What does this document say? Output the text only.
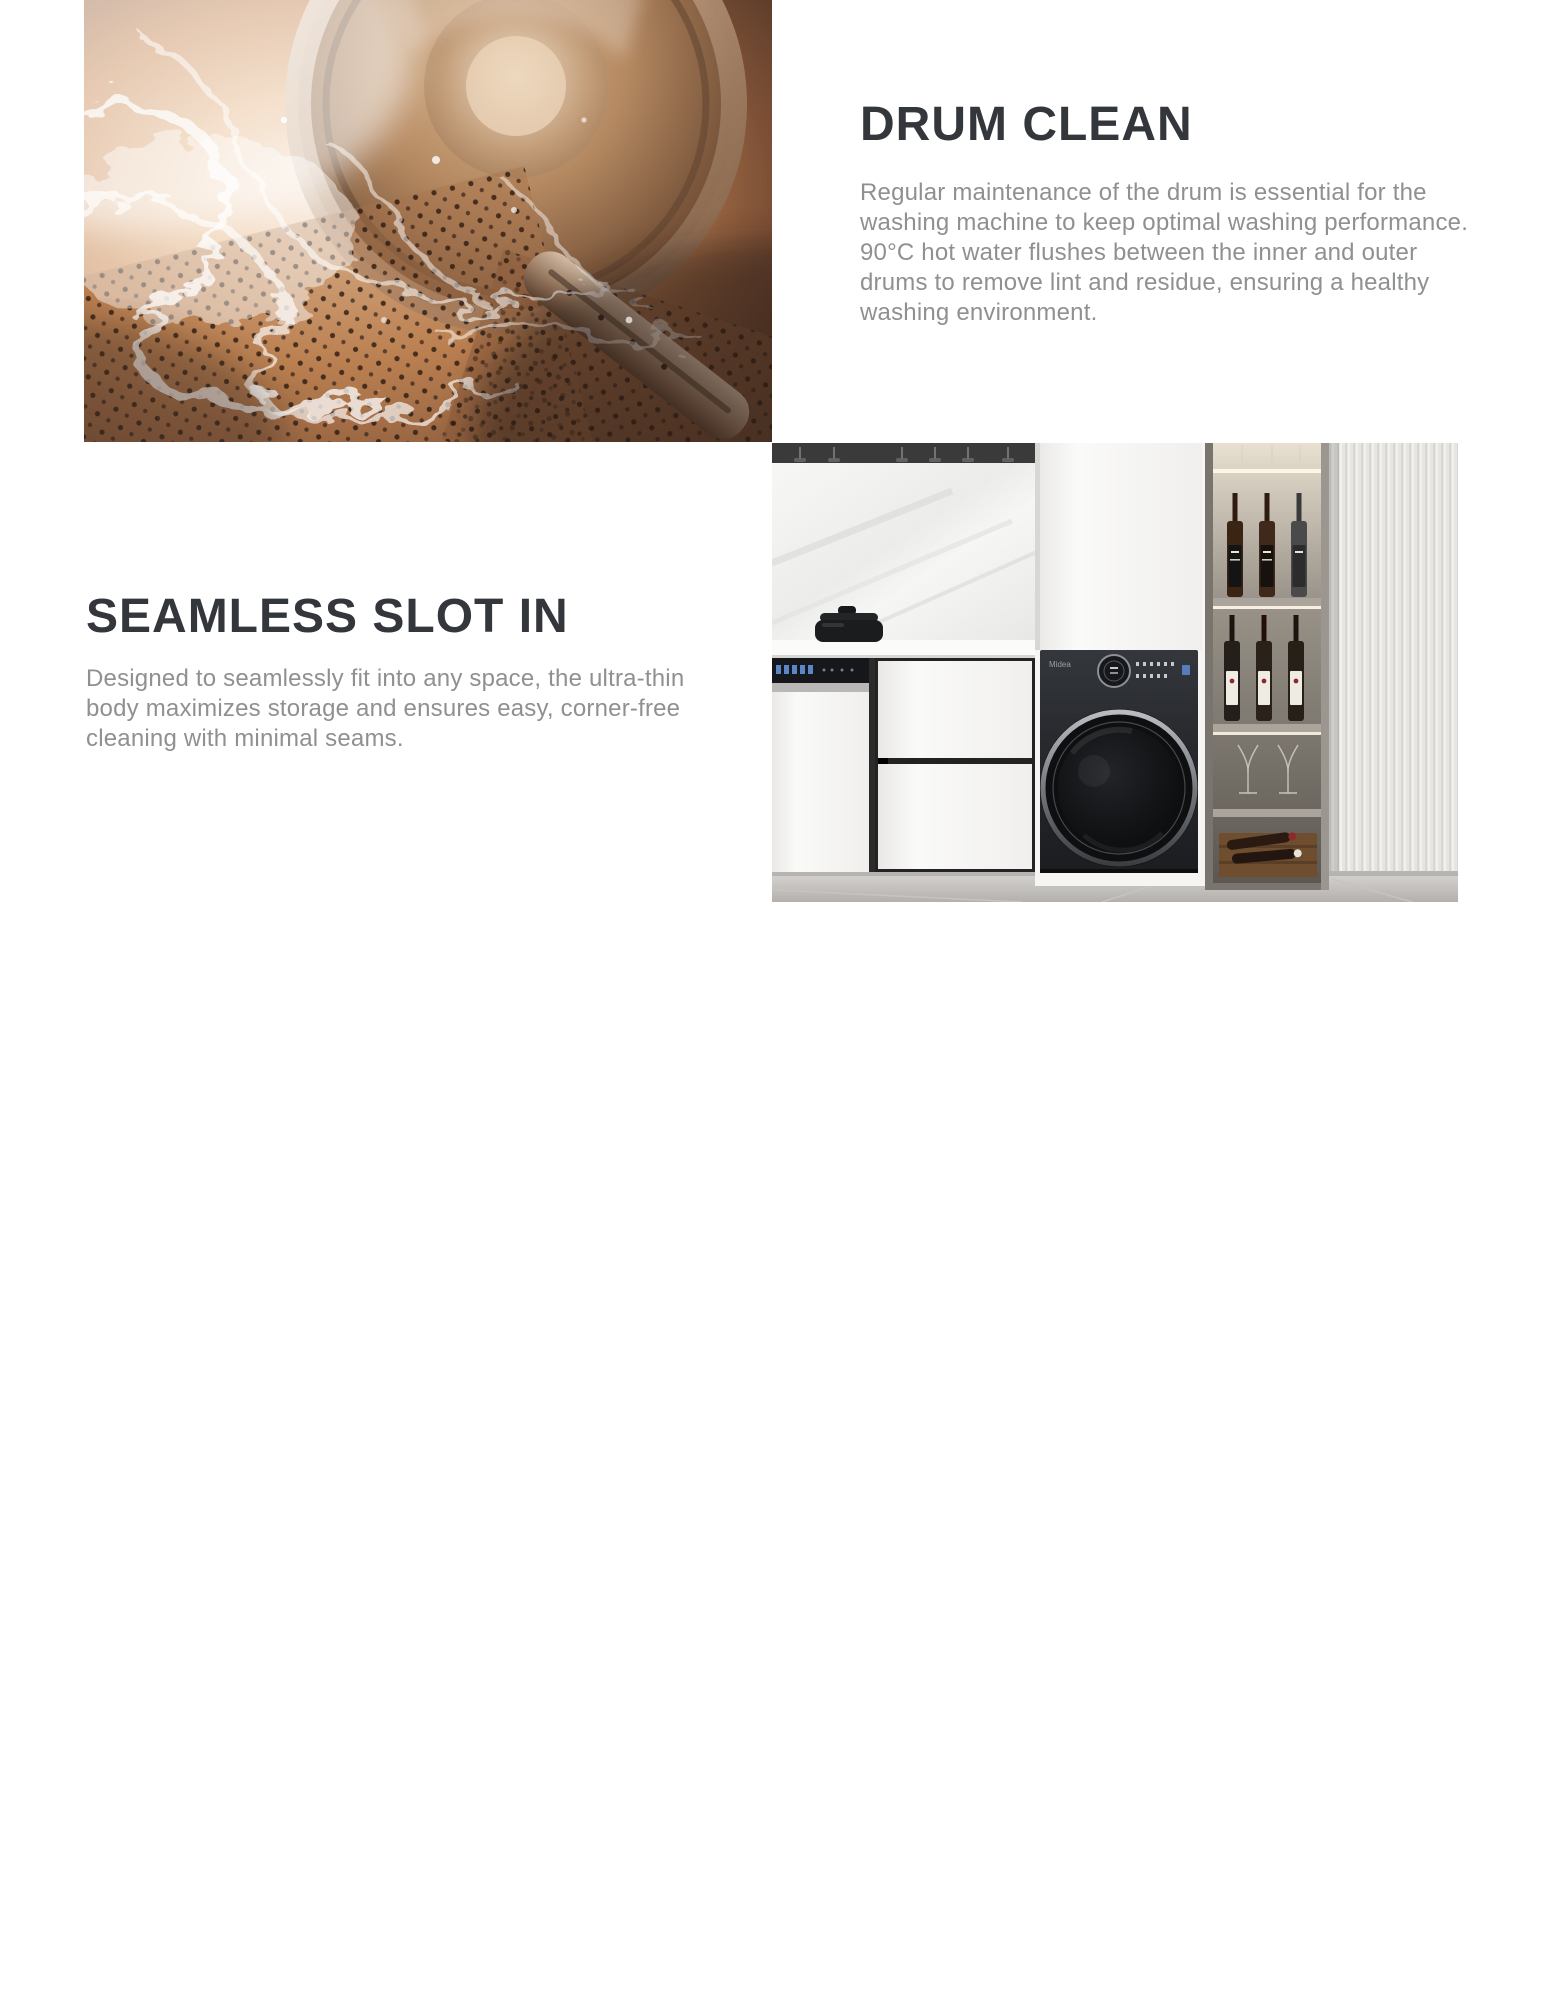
DRUM CLEAN
Regular maintenance of the drum is essential for the
washing machine to keep optimal washing performance.
90°C hot water flushes between the inner and outer
drums to remove lint and residue, ensuring a healthy
washing environment.
SEAMLESS SLOT IN
Designed to seamlessly fit into any space, the ultra-thin
body maximizes storage and ensures easy, corner-free
cleaning with minimal seams.
Midea
